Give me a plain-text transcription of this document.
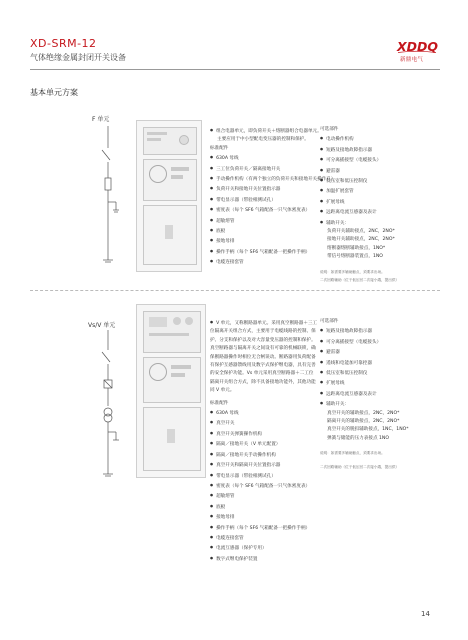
XD-SRM-12
气体绝缘金属封闭开关设备
XDDQ
新鼎电气
基本单元方案
F 单元
● 组合电器单元，即负荷开关＋熔断器组合电器单元。
主要应用于中小型配电变压器的控制和保护。
标准配件
● 630A 母线
● 三工位负荷开关／隔离接地开关
● 手动操作机构（有两个独立的负荷开关和接地开关操作孔）
● 负荷开关和接地开关位置指示器
● 带电显示器（带验相测试孔）
● 密度表（每个 SF6 气箱配备一只气体密度表）
● 超敏熔管
● 底板
● 接地母排
● 操作手柄（每个 SF6 气箱配备一把操作手柄）
● 电缆连接套管
可选部件
● 电动操作机构
● 短路及接地故障指示器
● 可分离插接型（电缆接头）
● 避雷器
● 低压室和低压控制仪
● 加温扩展套管
● 扩展母线
● 远距离电流互感器及表计
● 辅助开关：
负荷开关辅助接点，2NC，2NO*
接地开关辅助接点，2NC，2NO*
熔断器熔断辅助接点，1NO*
带信号熔断器装置点，1NO
说明：如需要多辅助触点，须要求出场。
二次回路辅助（位于低压回二次接小端，提出供）
Vs/V 单元
●	V 单元，又称断路器单元。采用真空断路器＋三工位隔离开关组合方式，主要用于电缆线路的控制、保护、分支和保护以及对大容量变压器的控制和保护。真空断路器与隔离开关之间设有可靠的机械联锁，确保断路器操作时相位无合闸误动。断路器用负荷配备有保护互感器馈线用及数字式保护继电器，具有完善的安全保护功能。Vs 单元采用真空断路器＋二工位隔离开关组合方式，除不具备接地功能外，其他功能同 V 单元。
标准配件
● 630A 母线
● 真空开关
● 真空开关弹簧操作机构
● 隔离／接地开关（V 单元配置）
● 隔离／接地开关手动操作机构
● 真空开关和隔离开关位置指示器
● 带电显示器（带验相测试孔）
● 密度表（每个 SF6 气箱配备一只气体密度表）
● 超敏熔管
● 底板
● 接地母排
● 操作手柄（每个 SF6 气箱配备一把操作手柄）
● 电缆连接套管
● 电流互感器（保护专用）
● 数字式继电保护装置
可选部件
● 短路及接地故障指示器
● 可分离插接型（电缆接头）
● 避雷器
● 遥线和电能加可靠控器
● 低压室和低压控制仪
● 扩展母线
● 远距离电流互感器及表计
● 辅助开关：
真空开关的辅助接点，2NC，2NO*
隔离开关的辅助接点，2NC，2NO*
真空开关的脱扣辅助接点，1NC，1NO*
弹簧与储能的压力表接点 1NO
说明：如需要多辅助触点，须要求出场。
二次回路辅助（位于低压回二次接小端，提出供）
14
